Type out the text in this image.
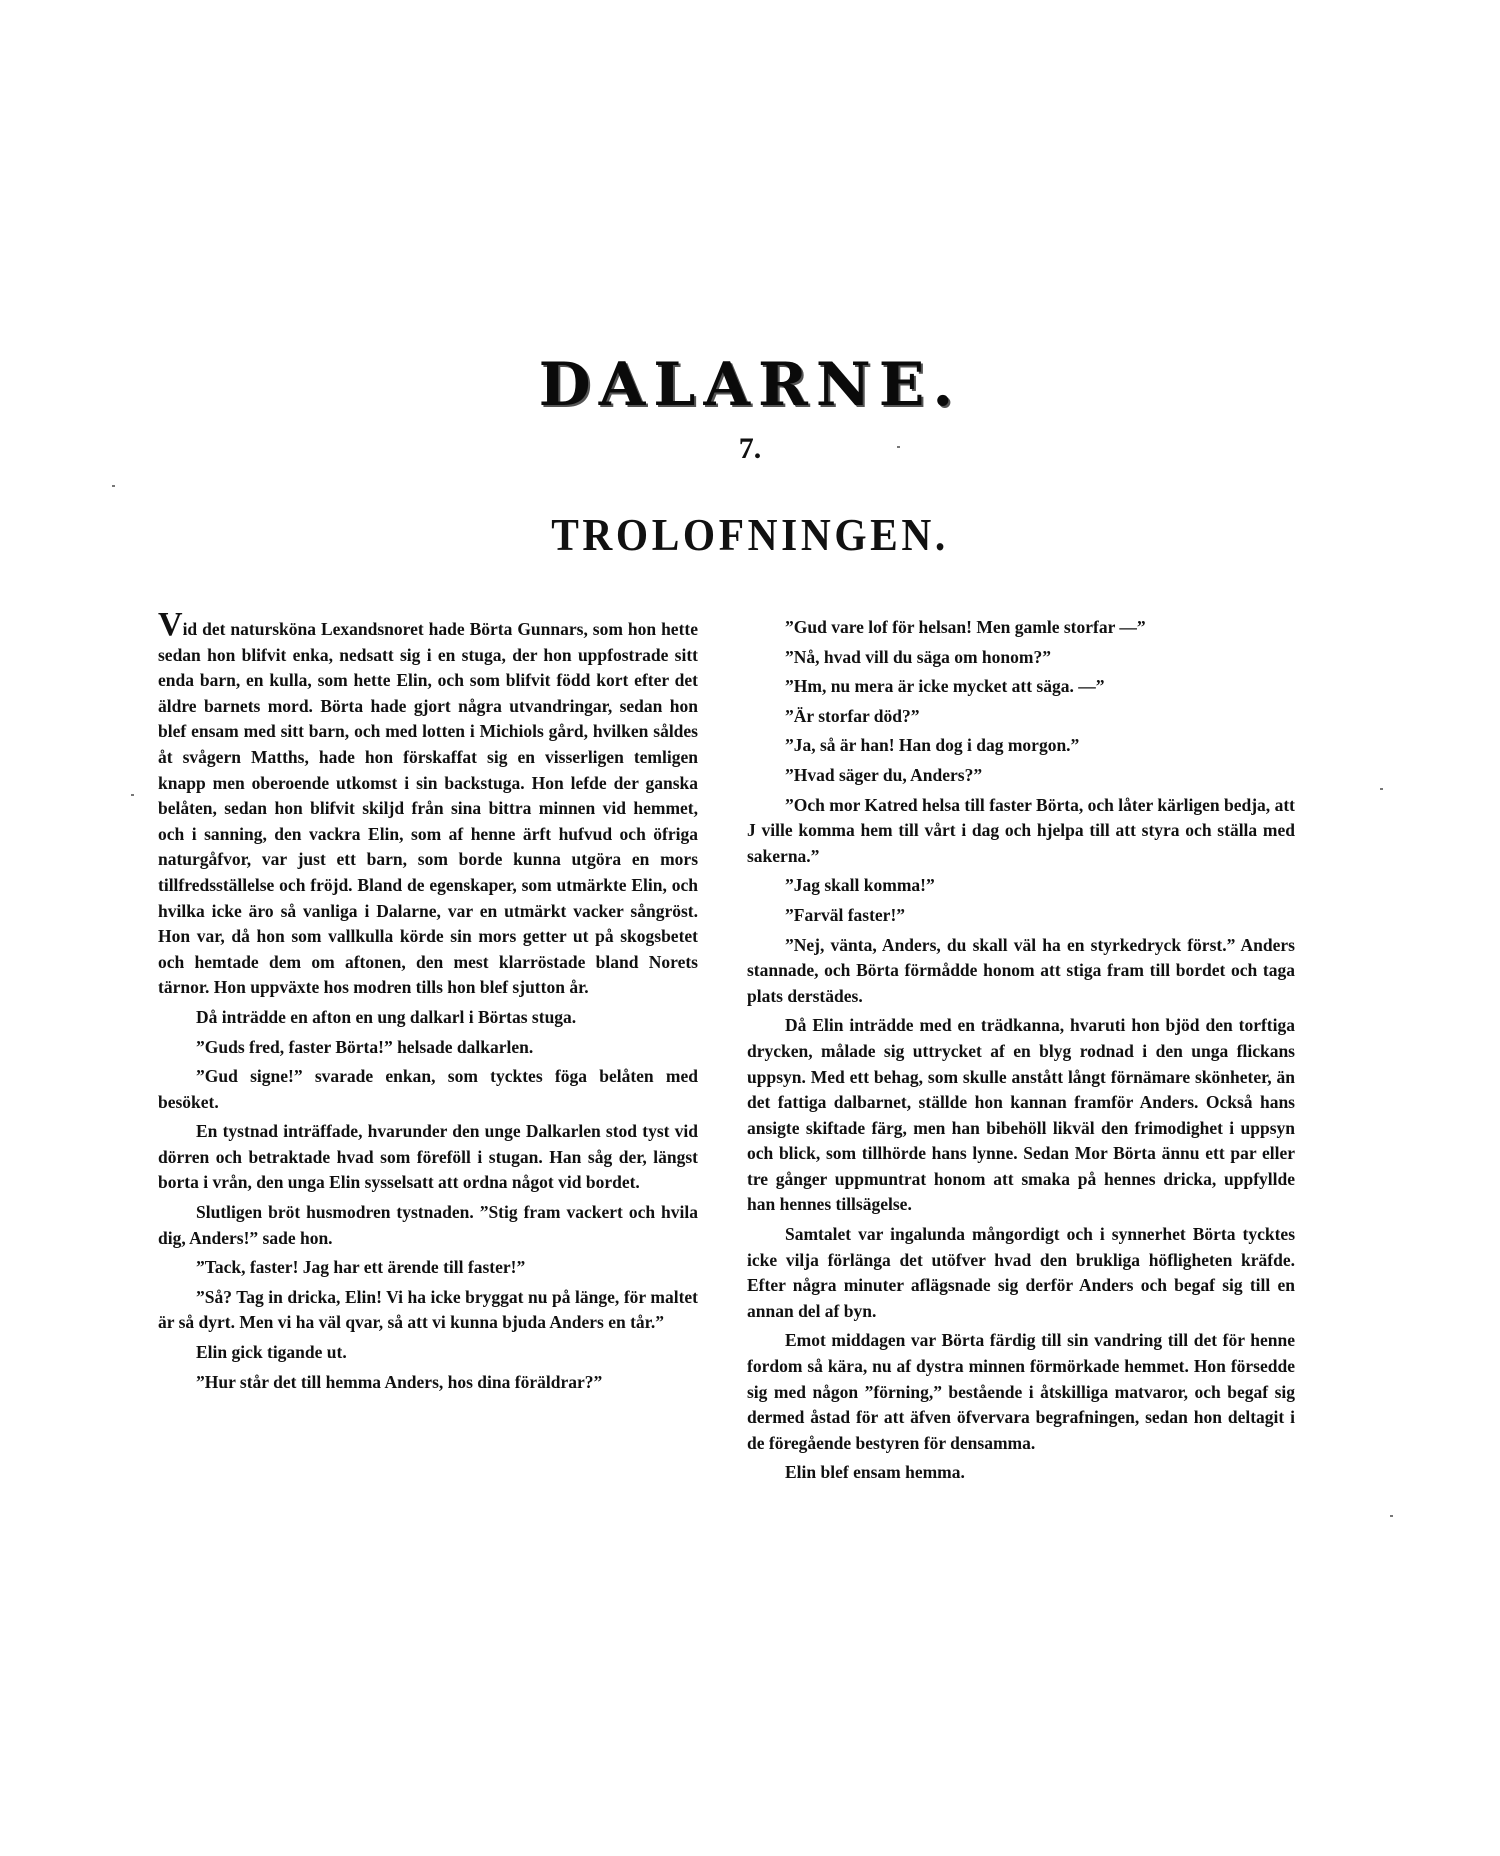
DALARNE.
7.
TROLOFNINGEN.

Vid det natursköna Lexandsnoret hade Börta Gunnars, som hon hette sedan hon blifvit enka, nedsatt sig i en stuga, der hon uppfostrade sitt enda barn, en kulla, som hette Elin, och som blifvit född kort efter det äldre barnets mord. Börta hade gjort några utvandringar, sedan hon blef ensam med sitt barn, och med lotten i Michiols gård, hvilken såldes åt svågern Matths, hade hon förskaffat sig en visserligen temligen knapp men oberoende utkomst i sin backstuga. Hon lefde der ganska belåten, sedan hon blifvit skiljd från sina bittra minnen vid hemmet, och i sanning, den vackra Elin, som af henne ärft hufvud och öfriga naturgåfvor, var just ett barn, som borde kunna utgöra en mors tillfredsställelse och fröjd. Bland de egenskaper, som utmärkte Elin, och hvilka icke äro så vanliga i Dalarne, var en utmärkt vacker sångröst. Hon var, då hon som vallkulla körde sin mors getter ut på skogsbetet och hemtade dem om aftonen, den mest klarröstade bland Norets tärnor. Hon uppväxte hos modren tills hon blef sjutton år.

Då inträdde en afton en ung dalkarl i Börtas stuga.

”Guds fred, faster Börta!” helsade dalkarlen.

”Gud signe!” svarade enkan, som tycktes föga belåten med besöket.

En tystnad inträffade, hvarunder den unge Dalkarlen stod tyst vid dörren och betraktade hvad som föreföll i stugan. Han såg der, längst borta i vrån, den unga Elin sysselsatt att ordna något vid bordet.

Slutligen bröt husmodren tystnaden. ”Stig fram vackert och hvila dig, Anders!” sade hon.

”Tack, faster! Jag har ett ärende till faster!”

”Så? Tag in dricka, Elin! Vi ha icke bryggat nu på länge, för maltet är så dyrt. Men vi ha väl qvar, så att vi kunna bjuda Anders en tår.”

Elin gick tigande ut.

”Hur står det till hemma Anders, hos dina föräldrar?”

”Gud vare lof för helsan! Men gamle storfar —”

”Nå, hvad vill du säga om honom?”

”Hm, nu mera är icke mycket att säga. —”

”Är storfar död?”

”Ja, så är han! Han dog i dag morgon.”

”Hvad säger du, Anders?”

”Och mor Katred helsa till faster Börta, och låter kärligen bedja, att J ville komma hem till vårt i dag och hjelpa till att styra och ställa med sakerna.”

”Jag skall komma!”

”Farväl faster!”

”Nej, vänta, Anders, du skall väl ha en styrkedryck först.” Anders stannade, och Börta förmådde honom att stiga fram till bordet och taga plats derstädes.

Då Elin inträdde med en trädkanna, hvaruti hon bjöd den torftiga drycken, målade sig uttrycket af en blyg rodnad i den unga flickans uppsyn. Med ett behag, som skulle anstått långt förnämare skönheter, än det fattiga dalbarnet, ställde hon kannan framför Anders. Också hans ansigte skiftade färg, men han bibehöll likväl den frimodighet i uppsyn och blick, som tillhörde hans lynne. Sedan Mor Börta ännu ett par eller tre gånger uppmuntrat honom att smaka på hennes dricka, uppfyllde han hennes tillsägelse.

Samtalet var ingalunda mångordigt och i synnerhet Börta tycktes icke vilja förlänga det utöfver hvad den brukliga höfligheten kräfde. Efter några minuter aflägsnade sig derför Anders och begaf sig till en annan del af byn.

Emot middagen var Börta färdig till sin vandring till det för henne fordom så kära, nu af dystra minnen förmörkade hemmet. Hon försedde sig med någon ”förning,” bestående i åtskilliga matvaror, och begaf sig dermed åstad för att äfven öfvervara begrafningen, sedan hon deltagit i de föregående bestyren för densamma.

Elin blef ensam hemma.
